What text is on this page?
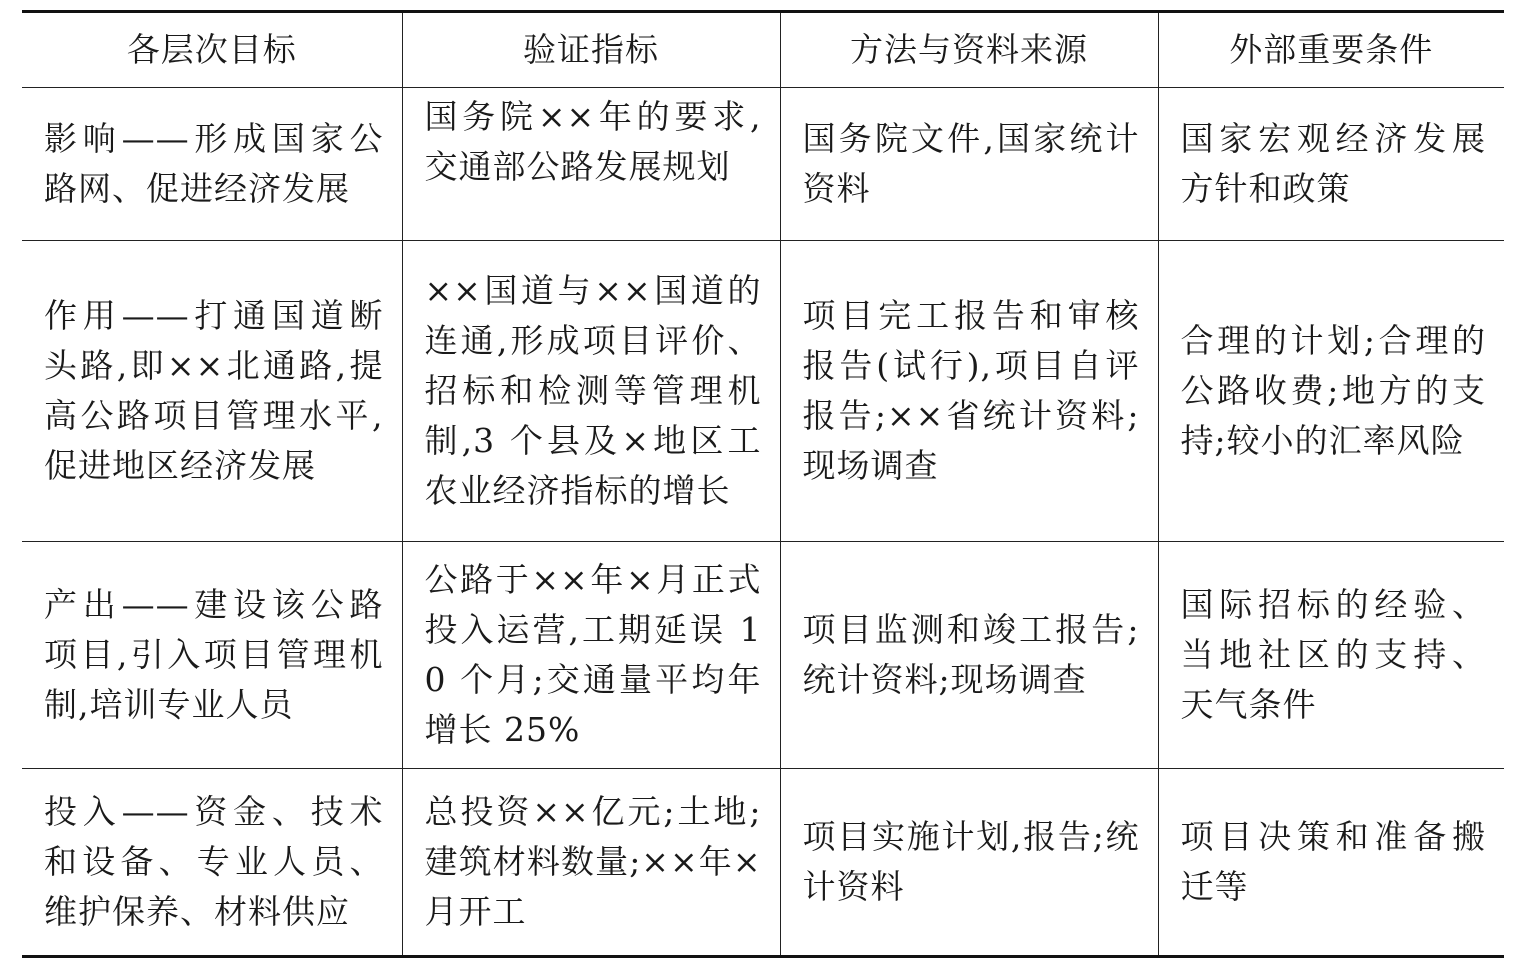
各层次目标	验证指标	方法与资料来源	外部重要条件
影响——形成国家公路网、促进经济发展	国务院××年的要求,交通部公路发展规划	国务院文件,国家统计资料	国家宏观经济发展方针和政策
作用——打通国道断头路,即××北通路,提高公路项目管理水平,促进地区经济发展	××国道与××国道的连通,形成项目评价、招标和检测等管理机制,3 个县及×地区工农业经济指标的增长	项目完工报告和审核报告(试行),项目自评报告;××省统计资料;现场调查	合理的计划;合理的公路收费;地方的支持;较小的汇率风险
产出——建设该公路项目,引入项目管理机制,培训专业人员	公路于××年×月正式投入运营,工期延误 10 个月;交通量平均年增长 25%	项目监测和竣工报告;统计资料;现场调查	国际招标的经验、当地社区的支持、天气条件
投入——资金、技术和设备、专业人员、维护保养、材料供应	总投资××亿元;土地;建筑材料数量;××年×月开工	项目实施计划,报告;统计资料	项目决策和准备搬迁等
